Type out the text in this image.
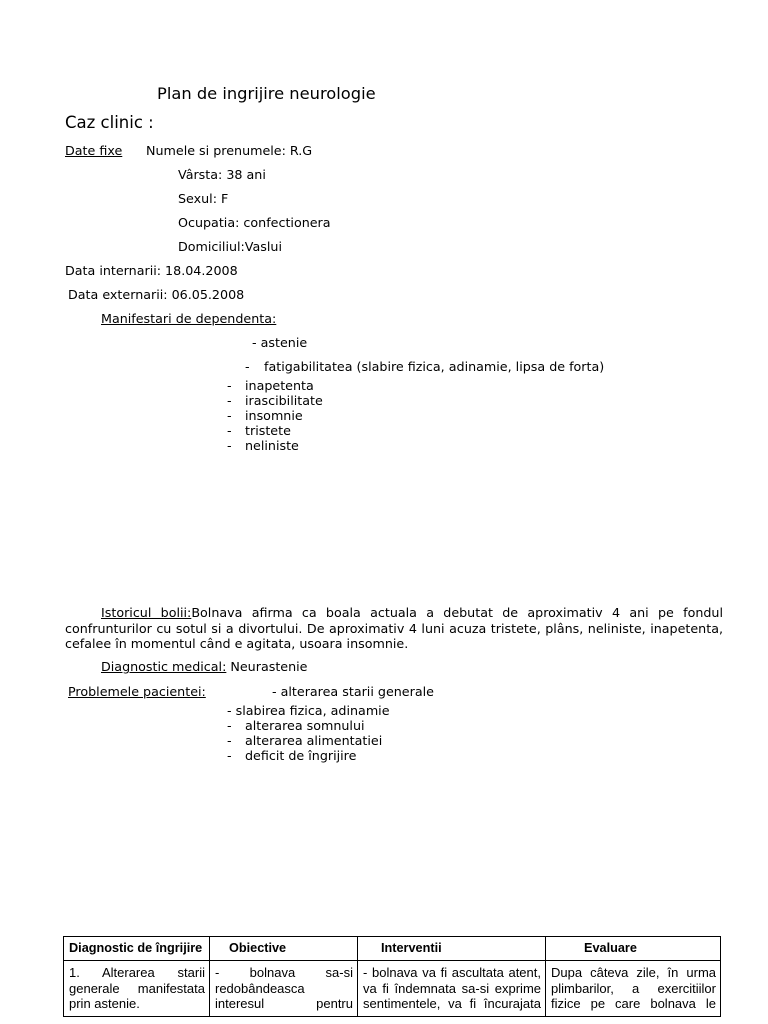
Plan de ingrijire neurologie
Caz clinic :
Date fixe Numele si prenumele: R.G
Vârsta: 38 ani
Sexul: F
Ocupatia: confectionera
Domiciliul:Vaslui
Data internarii: 18.04.2008
Data externarii: 06.05.2008
Manifestari de dependenta:
- astenie
- fatigabilitatea (slabire fizica, adinamie, lipsa de forta)
- inapetenta
- irascibilitate
- insomnie
- tristete
- neliniste
Istoricul bolii:Bolnava afirma ca boala actuala a debutat de aproximativ 4 ani pe fondul
confrunturilor cu sotul si a divortului. De aproximativ 4 luni acuza tristete, plâns, neliniste, inapetenta,
cefalee în momentul când e agitata, usoara insomnie.
Diagnostic medical: Neurastenie
Problemele pacientei:	- alterarea starii generale
- slabirea fizica, adinamie
- alterarea somnului
- alterarea alimentatiei
- deficit de îngrijire
Diagnostic de îngrijire	Obiective	Interventii	Evaluare
1. Alterarea starii generale manifestata prin astenie.	- bolnava sa-si redobândeasca interesul pentru	- bolnava va fi ascultata atent, va fi îndemnata sa-si exprime sentimentele, va fi încurajata	Dupa câteva zile, în urma plimbarilor, a exercitiilor fizice pe care bolnava le
